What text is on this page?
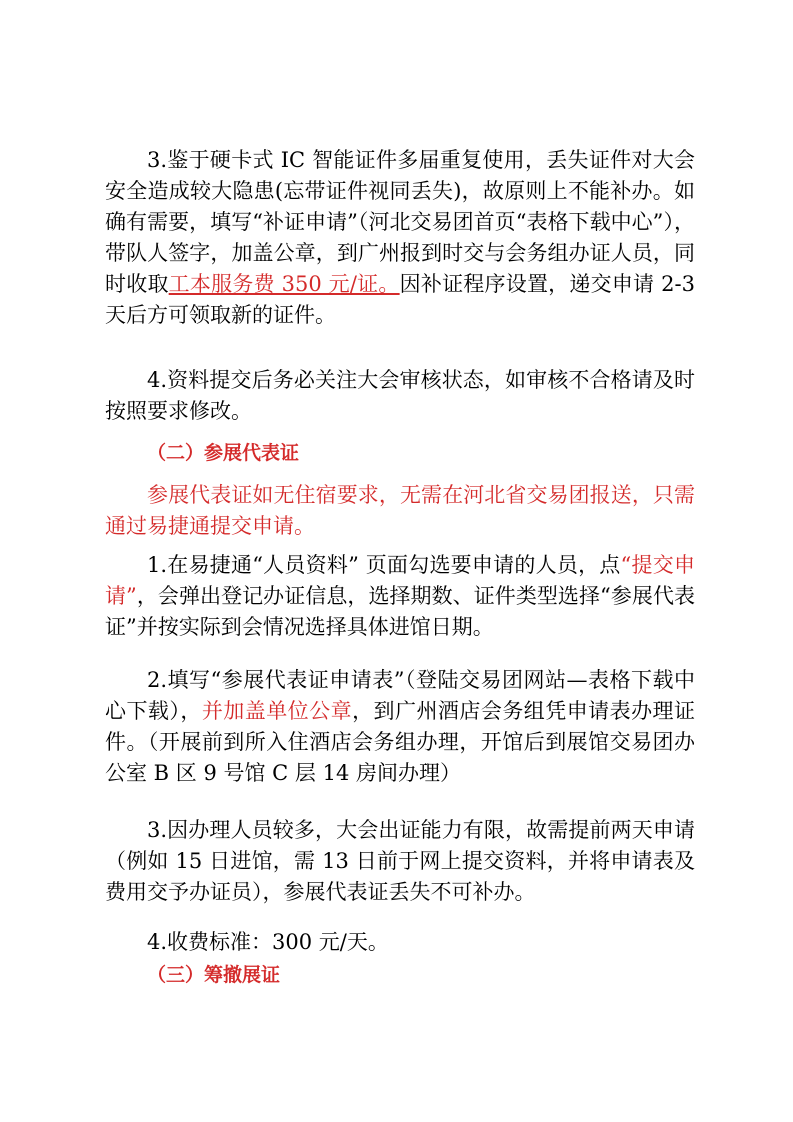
3.鉴于硬卡式 IC 智能证件多届重复使用，丢失证件对大会安全造成较大隐患(忘带证件视同丢失)，故原则上不能补办。如确有需要，填写“补证申请”（河北交易团首页“表格下载中心”），带队人签字，加盖公章，到广州报到时交与会务组办证人员，同时收取工本服务费 350 元/证。因补证程序设置，递交申请 2-3 天后方可领取新的证件。

4.资料提交后务必关注大会审核状态，如审核不合格请及时按照要求修改。

（二）参展代表证

参展代表证如无住宿要求，无需在河北省交易团报送，只需通过易捷通提交申请。

1.在易捷通“人员资料” 页面勾选要申请的人员，点“提交申请”，会弹出登记办证信息，选择期数、证件类型选择“参展代表证”并按实际到会情况选择具体进馆日期。

2.填写“参展代表证申请表”（登陆交易团网站—表格下载中心下载），并加盖单位公章，到广州酒店会务组凭申请表办理证件。（开展前到所入住酒店会务组办理，开馆后到展馆交易团办公室 B 区 9 号馆 C 层 14 房间办理）

3.因办理人员较多，大会出证能力有限，故需提前两天申请（例如 15 日进馆，需 13 日前于网上提交资料，并将申请表及费用交予办证员），参展代表证丢失不可补办。

4.收费标准：300 元/天。

（三）筹撤展证
